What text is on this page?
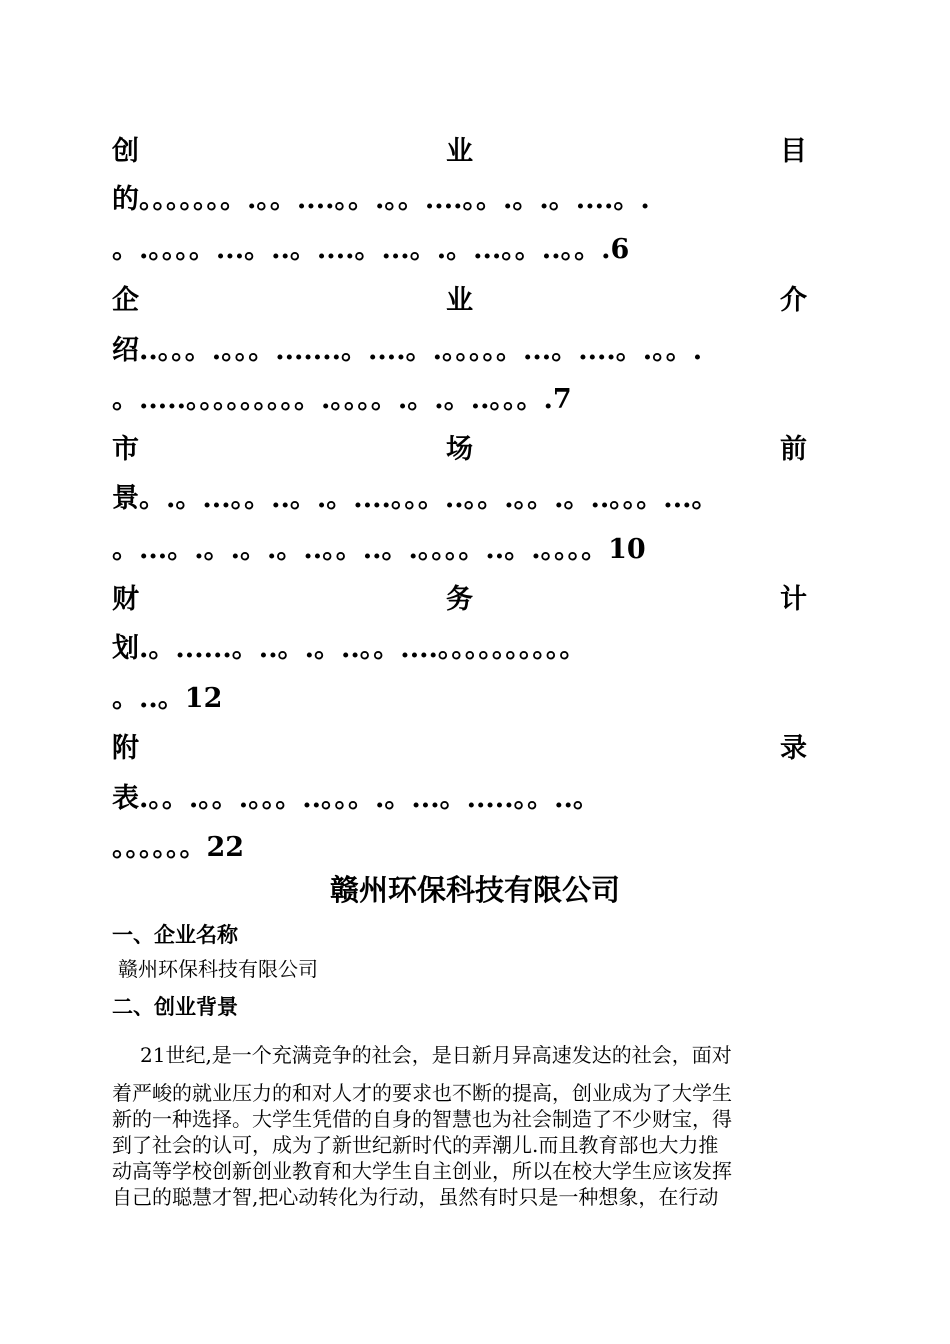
创	业	目
的。。。。。。。.。。....。。.。。....。。.。.。....。.
。.。。。。...。..。....。...。.。...。。..。。.6
企	业	介
绍..。。。.。。。.......。....。.。。。。。...。....。.。。.
。.....。。。。。。。。。.。。。。.。.。..。。。.7
市	场	前
景。.。...。。..。.。....。。。..。。.。。.。..。。。...。
。...。.。.。.。..。。..。.。。。。..。.。。。。10
财	务	计
划.。......。..。.。..。。....。。。。。。。。。。
。..。12
附	录
表.。。.。。.。。。..。。。.。...。.....。。..。
。。。。。。22
赣州环保科技有限公司
一、企业名称
赣州环保科技有限公司
二、创业背景
21世纪,是一个充满竞争的社会，是日新月异高速发达的社会，面对
着严峻的就业压力的和对人才的要求也不断的提高，创业成为了大学生
新的一种选择。大学生凭借的自身的智慧也为社会制造了不少财宝，得
到了社会的认可，成为了新世纪新时代的弄潮儿.而且教育部也大力推
动高等学校创新创业教育和大学生自主创业，所以在校大学生应该发挥
自己的聪慧才智,把心动转化为行动，虽然有时只是一种想象，在行动
